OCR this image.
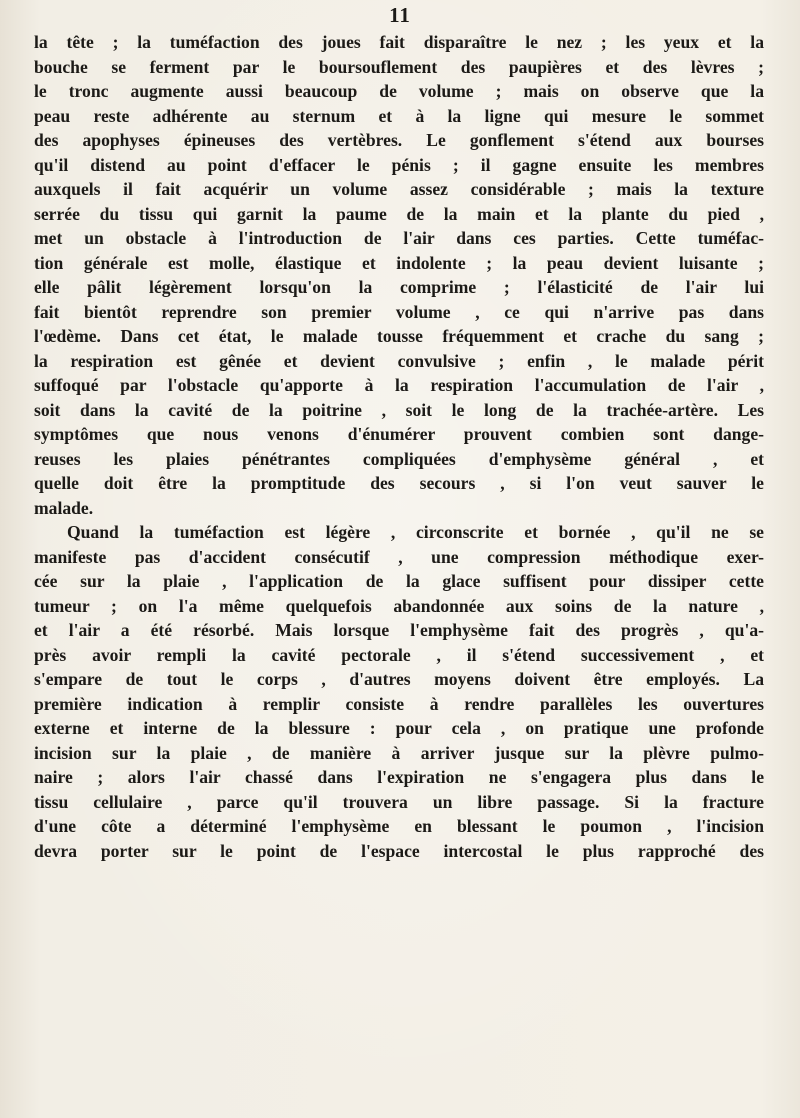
11
la tête ; la tuméfaction des joues fait disparaître le nez ; les yeux et la
bouche se ferment par le boursouflement des paupières et des lèvres ;
le tronc augmente aussi beaucoup de volume ; mais on observe que la
peau reste adhérente au sternum et à la ligne qui mesure le sommet
des apophyses épineuses des vertèbres. Le gonflement s'étend aux bourses
qu'il distend au point d'effacer le pénis ; il gagne ensuite les membres
auxquels il fait acquérir un volume assez considérable ; mais la texture
serrée du tissu qui garnit la paume de la main et la plante du pied ,
met un obstacle à l'introduction de l'air dans ces parties. Cette tuméfac-
tion générale est molle, élastique et indolente ; la peau devient luisante ;
elle pâlit légèrement lorsqu'on la comprime ; l'élasticité de l'air lui
fait bientôt reprendre son premier volume , ce qui n'arrive pas dans
l'œdème. Dans cet état, le malade tousse fréquemment et crache du sang ;
la respiration est gênée et devient convulsive ; enfin , le malade périt
suffoqué par l'obstacle qu'apporte à la respiration l'accumulation de l'air ,
soit dans la cavité de la poitrine , soit le long de la trachée-artère. Les
symptômes que nous venons d'énumérer prouvent combien sont dange-
reuses les plaies pénétrantes compliquées d'emphysème général , et
quelle doit être la promptitude des secours , si l'on veut sauver le
malade.
Quand la tuméfaction est légère , circonscrite et bornée , qu'il ne se
manifeste pas d'accident consécutif , une compression méthodique exer-
cée sur la plaie , l'application de la glace suffisent pour dissiper cette
tumeur ; on l'a même quelquefois abandonnée aux soins de la nature ,
et l'air a été résorbé. Mais lorsque l'emphysème fait des progrès , qu'a-
près avoir rempli la cavité pectorale , il s'étend successivement , et
s'empare de tout le corps , d'autres moyens doivent être employés. La
première indication à remplir consiste à rendre parallèles les ouvertures
externe et interne de la blessure : pour cela , on pratique une profonde
incision sur la plaie , de manière à arriver jusque sur la plèvre pulmo-
naire ; alors l'air chassé dans l'expiration ne s'engagera plus dans le
tissu cellulaire , parce qu'il trouvera un libre passage. Si la fracture
d'une côte a déterminé l'emphysème en blessant le poumon , l'incision
devra porter sur le point de l'espace intercostal le plus rapproché des
